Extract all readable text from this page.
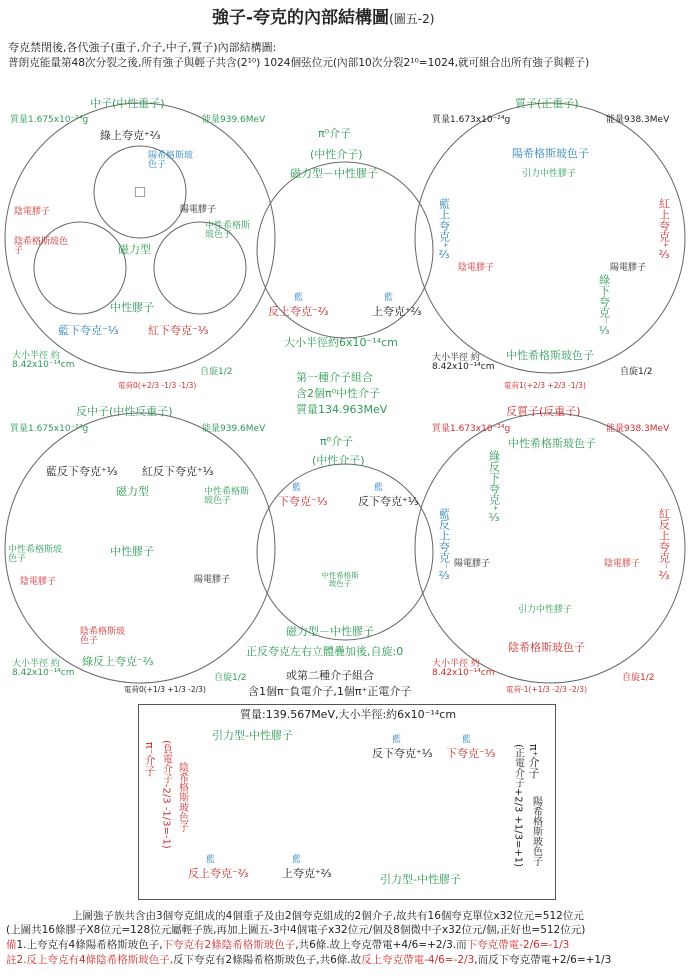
強子-夸克的內部結構圖(圖五-2)
夸克禁閉後,各代強子(重子,介子,中子,質子)內部結構圖:
普朗克能量第48次分裂之後,所有強子與輕子共含(2¹⁰) 1024個弦位元(內部10次分裂2¹⁰=1024,就可組合出所有強子與輕子)
中子(中性重子)
質量1.675x10⁻²⁴g	能量939.6MeV
綠上夸克⁺⅔
陽希格斯玻色子
陽電膠子
陰電膠子
陰希格斯玻色子
中性希格斯玻色子
磁力型
中性膠子
藍下夸克⁻⅓	紅下夸克⁻⅓
大小半徑 約8.42x10⁻¹⁴cm
自旋1/2
電荷0(+2/3 -1/3 -1/3)
π⁰介子
(中性介子)
磁力型－中性膠子
藍
反上夸克⁻⅔
藍
上夸克⁺⅔
大小半徑約6x10⁻¹⁴cm
第一種介子組合
含2個π⁰中性介子
質量134.963MeV
質子(正重子)
質量1.673x10⁻²⁴g	能量938.3MeV
陽希格斯玻色子
引力中性膠子
藍上夸克⁺⅔	紅上夸克⁺⅔
陰電膠子	陽電膠子
綠下夸克⁻⅓
中性希格斯玻色子
大小半徑 約8.42x10⁻¹⁴cm	自旋1/2
電荷1(+2/3 +2/3 -1/3)
反中子(中性反重子)
質量1.675x10⁻²⁴g	能量939.6MeV
藍反下夸克⁺⅓ 紅反下夸克⁺⅓
磁力型	中性希格斯玻色子
中性希格斯玻色子
中性膠子
陰電膠子	陽電膠子
陰希格斯玻色子
綠反上夸克⁻⅔
大小半徑 約8.42x10⁻¹⁴cm	自旋1/2
電荷0(+1/3 +1/3 -2/3)
π⁰介子
(中性介子)
藍
下夸克⁻⅓
藍
反下夸克⁺⅓
中性希格斯玻色子
磁力型－中性膠子
正反夸克左右立體疊加後,自旋:0
或第二種介子組合
含1個π⁻負電介子,1個π⁺正電介子
反質子(反重子)
質量1.673x10⁻²⁴g	能量938.3MeV
中性希格斯玻色子
綠反下夸克⁺⅓
藍反上夸克⁻⅔	紅反上夸克⁻⅔
陽電膠子	陰電膠子
引力中性膠子
陰希格斯玻色子
大小半徑 約8.42x10⁻¹⁴cm	自旋1/2
電荷-1(+1/3 -2/3 -2/3)
質量:139.567MeV,大小半徑:約6x10⁻¹⁴cm
引力型-中性膠子
引力型-中性膠子
π⁻介子 (負電介子-2/3 -1/3=-1) 陰希格斯玻色子
π⁺介子
(正電介子+2/3 +1/3=+1) 陽希格斯玻色子
藍
反下夸克⁺⅓
藍
下夸克⁻⅓
藍
反上夸克⁻⅔
藍
上夸克⁺⅔
上圖強子族共含由3個夸克組成的4個重子及由2個夸克組成的2個介子,故共有16個夸克單位x32位元=512位元
(上圖共16條膠子X8位元=128位元屬輕子族,再加上圖五-3中4個電子x32位元/個及8個微中子x32位元/個,正好也=512位元)
備1.上夸克有4條陽希格斯玻色子,下夸克有2條陰希格斯玻色子,共6條.故上夸克帶電+4/6=+2/3.而下夸克帶電-2/6=-1/3
註2.反上夸克有4條陰希格斯玻色子,反下夸克有2條陽希格斯玻色子,共6條.故反上夸克帶電-4/6=-2/3,而反下夸克帶電+2/6=+1/3
